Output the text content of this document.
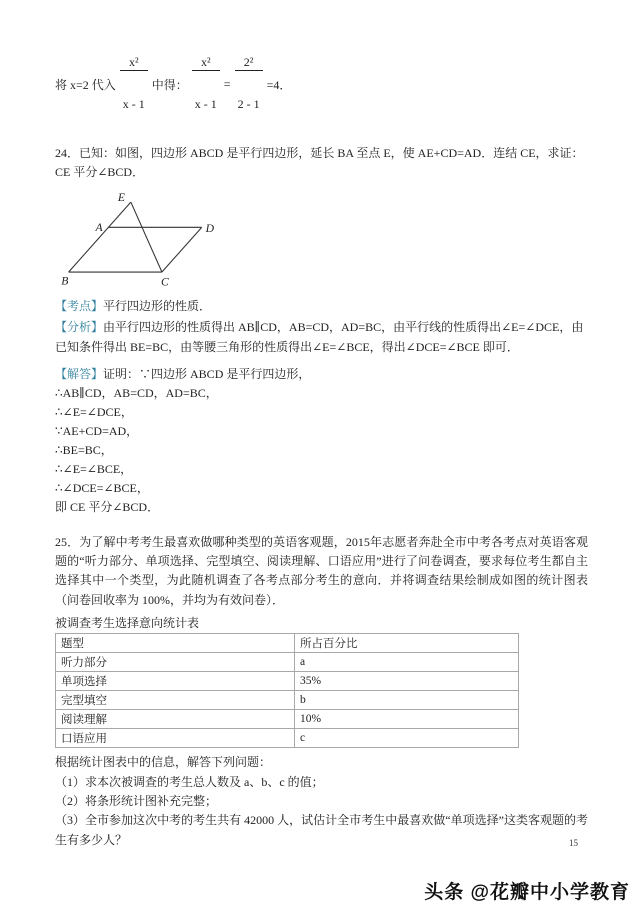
将 x=2 代入

$\frac{\text{x²}}{x - 1}$

中得：

$\frac{\text{x²}}{x - 1}$

=

$\frac{\text{2²}}{2 - 1}$

=4．
24．已知：如图，四边形 ABCD 是平行四边形，延长 BA 至点 E，使 AE+CD=AD．连结 CE，求证：CE 平分∠BCD．
E
A	D
B	C
【考点】平行四边形的性质．
【分析】由平行四边形的性质得出 AB∥CD，AB=CD，AD=BC，由平行线的性质得出∠E=∠DCE，由已知条件得出 BE=BC，由等腰三角形的性质得出∠E=∠BCE，得出∠DCE=∠BCE 即可．
【解答】证明：∵四边形 ABCD 是平行四边形，
∴AB∥CD，AB=CD，AD=BC，
∴∠E=∠DCE，
∵AE+CD=AD，
∴BE=BC，
∴∠E=∠BCE，
∴∠DCE=∠BCE，
即 CE 平分∠BCD．
25．为了解中考考生最喜欢做哪种类型的英语客观题，2015年志愿者奔赴全市中考各考点对英语客观题的“听力部分、单项选择、完型填空、阅读理解、口语应用”进行了问卷调查，要求每位考生都自主选择其中一个类型，为此随机调查了各考点部分考生的意向．并将调查结果绘制成如图的统计图表（问卷回收率为 100%，并均为有效问卷）．
被调查考生选择意向统计表
题型	所占百分比
听力部分	a
单项选择	35%
完型填空	b
阅读理解	10%
口语应用	c
根据统计图表中的信息，解答下列问题：
（1）求本次被调查的考生总人数及 a、b、c 的值；
（2）将条形统计图补充完整；
（3）全市参加这次中考的考生共有 42000 人，试估计全市考生中最喜欢做“单项选择”这类客观题的考生有多少人？	15
头条 @花瓣中小学教育
